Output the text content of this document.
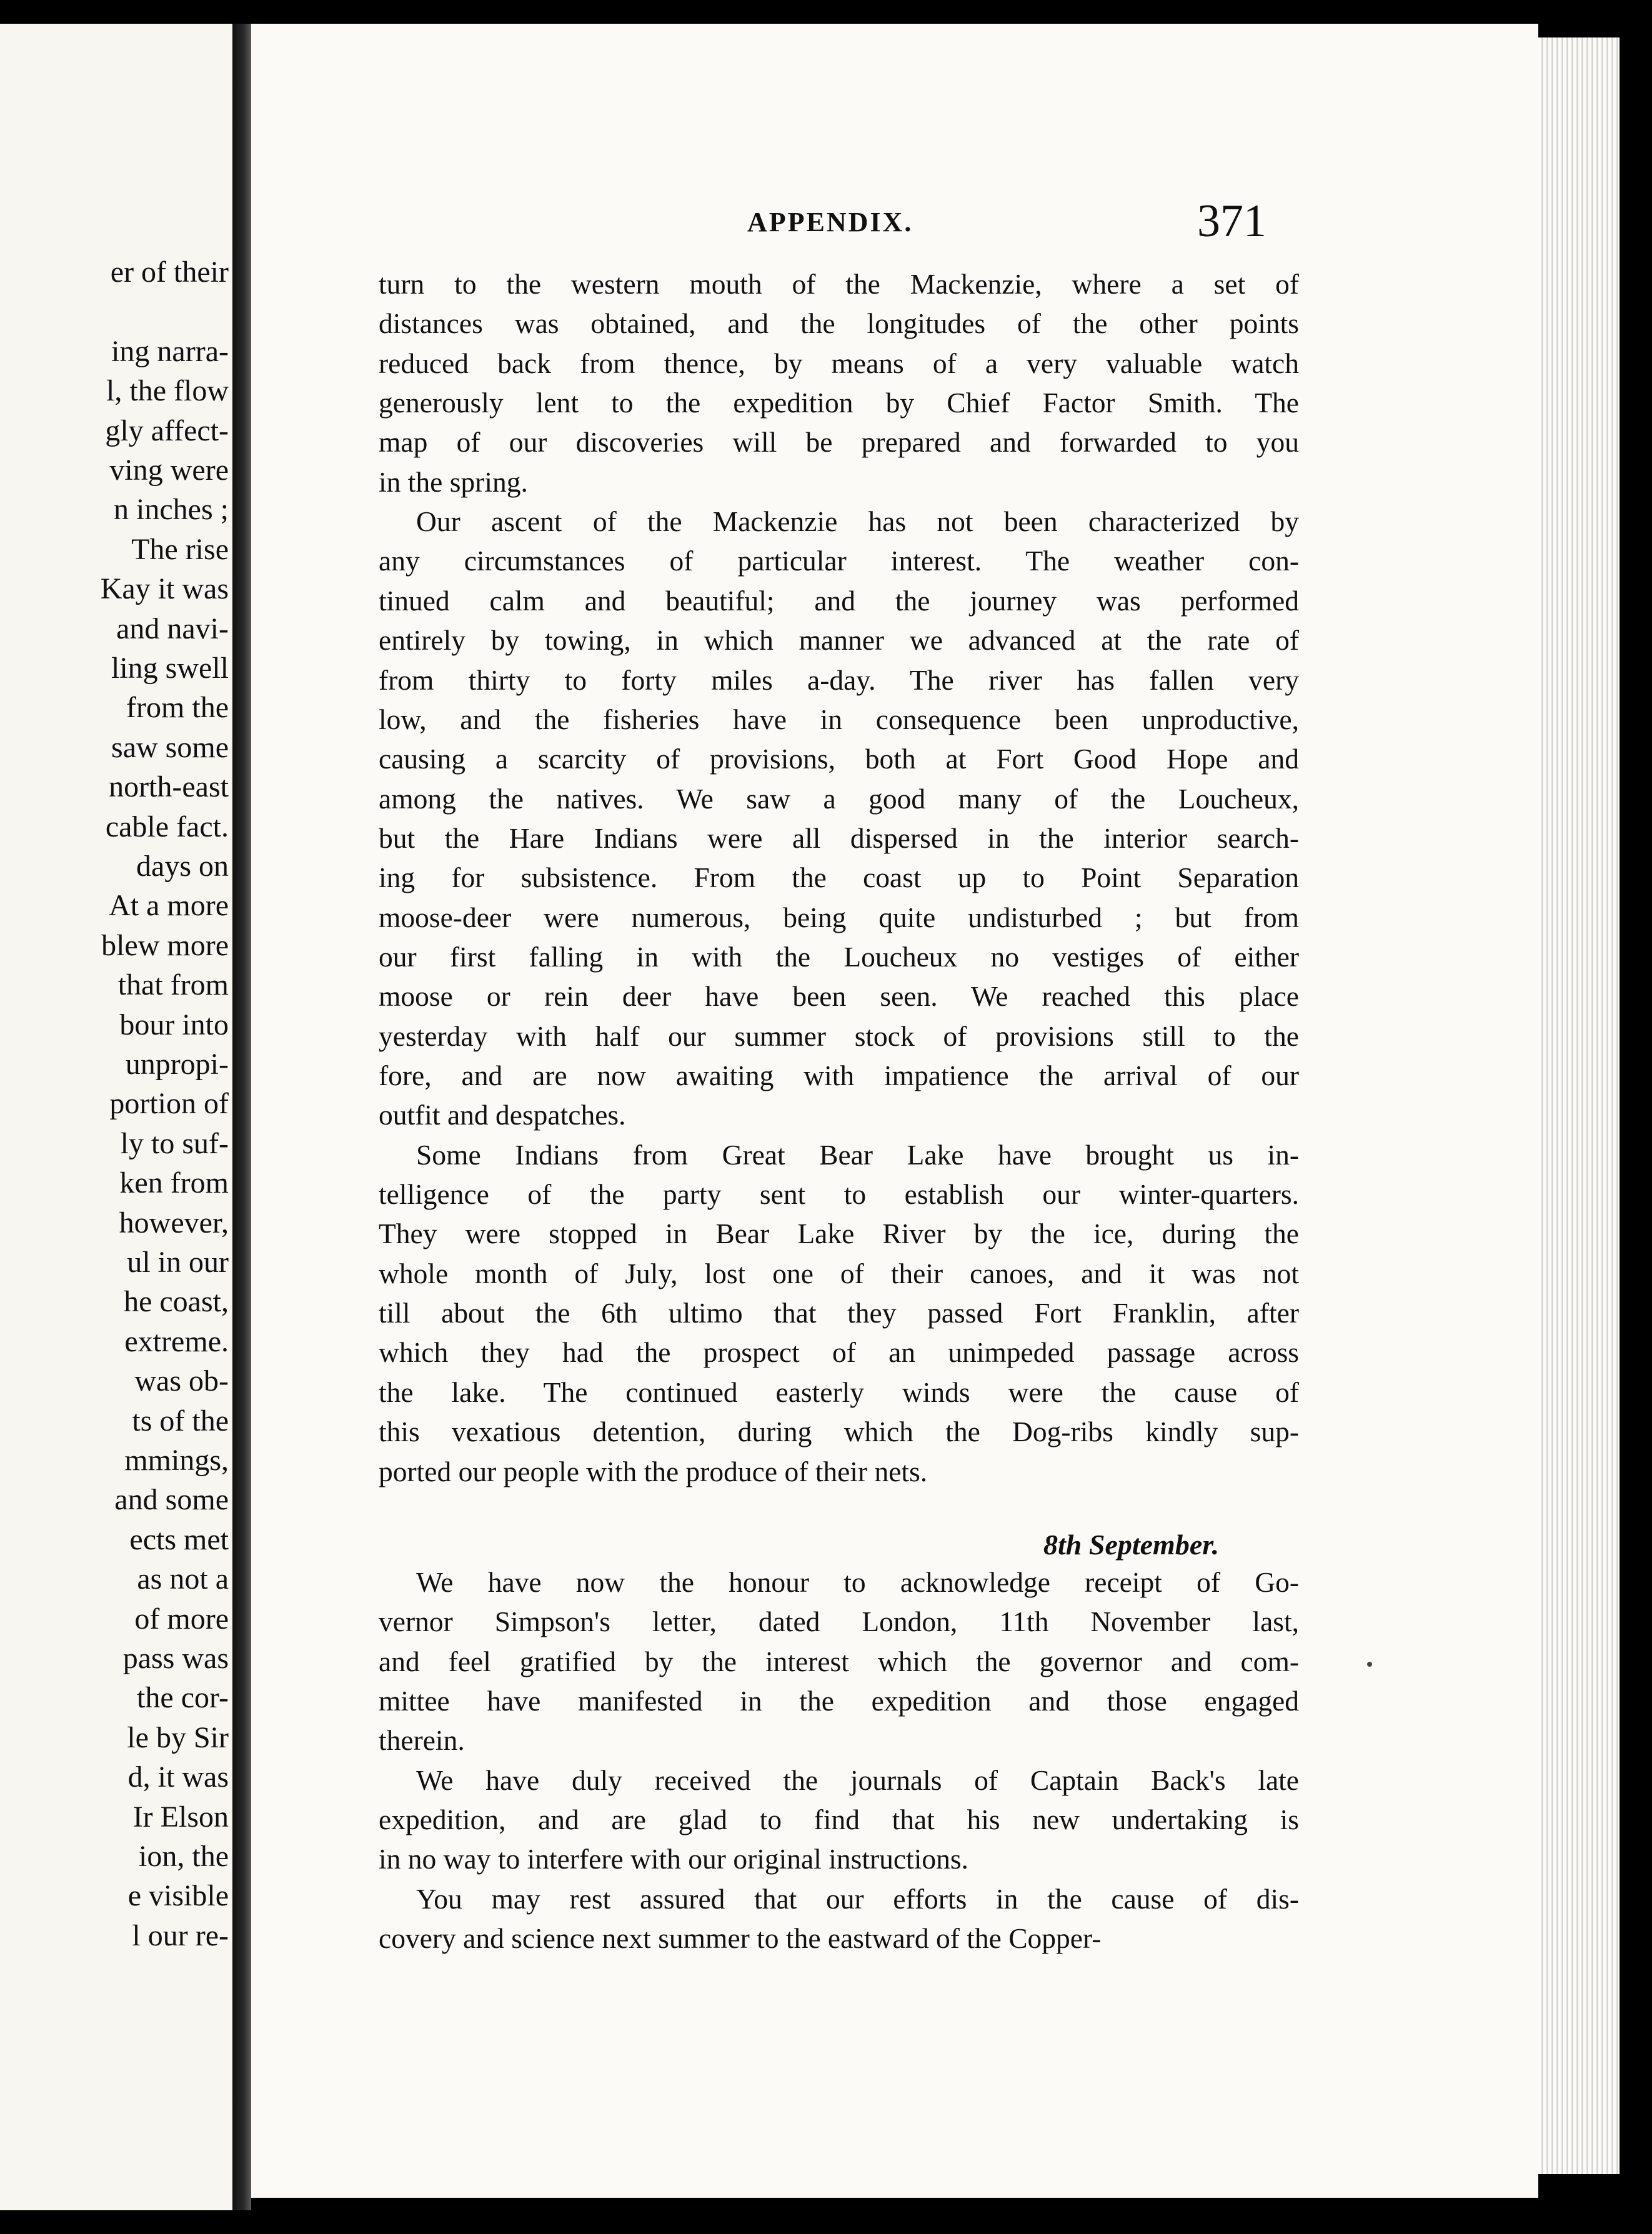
er of their
ing narra-
l, the flow
gly affect-
ving were
n inches ;
The rise
Kay it was
and navi-
ling swell
from the
saw some
north-east
cable fact.
days on
At a more
blew more
that from
bour into
unpropi-
portion of
ly to suf-
ken from
however,
ul in our
he coast,
extreme.
was ob-
ts of the
mmings,
and some
ects met
as not a
of more
pass was
the cor-
le by Sir
d, it was
Ir Elson
ion, the
e visible
l our re-
APPENDIX.	371
turn to the western mouth of the Mackenzie, where a set of
distances was obtained, and the longitudes of the other points
reduced back from thence, by means of a very valuable watch
generously lent to the expedition by Chief Factor Smith. The
map of our discoveries will be prepared and forwarded to you
in the spring.
Our ascent of the Mackenzie has not been characterized by
any circumstances of particular interest. The weather con-
tinued calm and beautiful; and the journey was performed
entirely by towing, in which manner we advanced at the rate of
from thirty to forty miles a-day. The river has fallen very
low, and the fisheries have in consequence been unproductive,
causing a scarcity of provisions, both at Fort Good Hope and
among the natives. We saw a good many of the Loucheux,
but the Hare Indians were all dispersed in the interior search-
ing for subsistence. From the coast up to Point Separation
moose-deer were numerous, being quite undisturbed ; but from
our first falling in with the Loucheux no vestiges of either
moose or rein deer have been seen. We reached this place
yesterday with half our summer stock of provisions still to the
fore, and are now awaiting with impatience the arrival of our
outfit and despatches.
Some Indians from Great Bear Lake have brought us in-
telligence of the party sent to establish our winter-quarters.
They were stopped in Bear Lake River by the ice, during the
whole month of July, lost one of their canoes, and it was not
till about the 6th ultimo that they passed Fort Franklin, after
which they had the prospect of an unimpeded passage across
the lake. The continued easterly winds were the cause of
this vexatious detention, during which the Dog-ribs kindly sup-
ported our people with the produce of their nets.
We have now the honour to acknowledge receipt of Go-
vernor Simpson's letter, dated London, 11th November last,
and feel gratified by the interest which the governor and com-
mittee have manifested in the expedition and those engaged
therein.
We have duly received the journals of Captain Back's late
expedition, and are glad to find that his new undertaking is
in no way to interfere with our original instructions.
You may rest assured that our efforts in the cause of dis-
covery and science next summer to the eastward of the Copper-
8th September.
